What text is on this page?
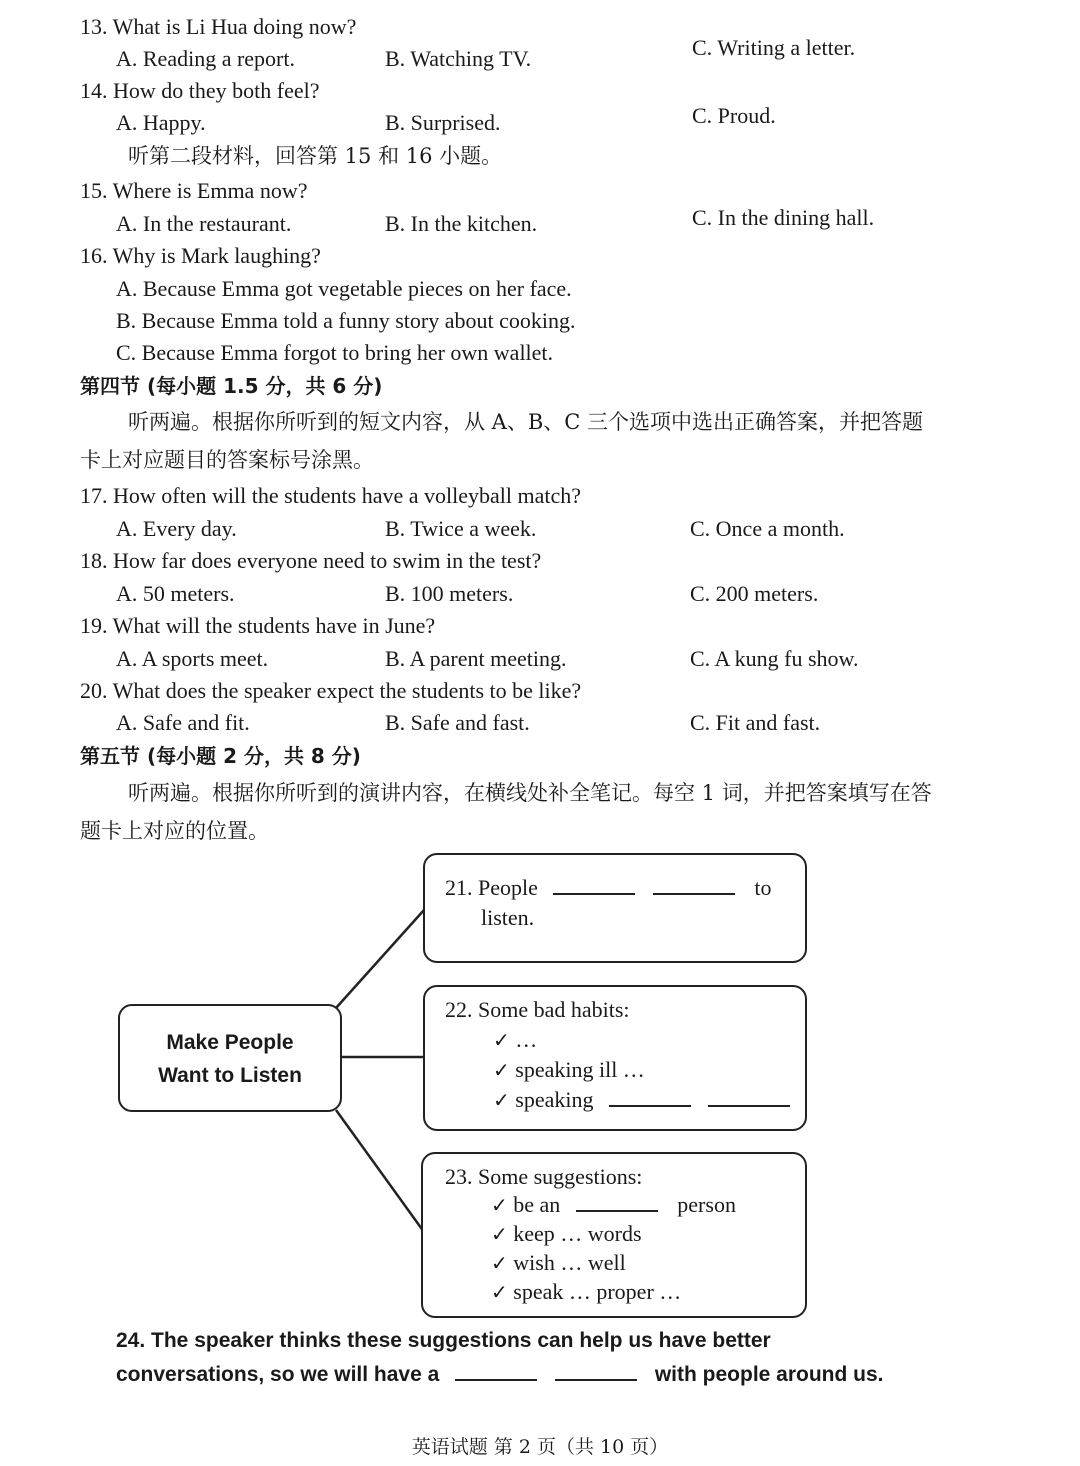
13. What is Li Hua doing now?
A. Reading a report.	B. Watching TV.	C. Writing a letter.
14. How do they both feel?
A. Happy.	B. Surprised.	C. Proud.
听第二段材料，回答第 15 和 16 小题。
15. Where is Emma now?
A. In the restaurant.	B. In the kitchen.	C. In the dining hall.
16. Why is Mark laughing?
A. Because Emma got vegetable pieces on her face.
B. Because Emma told a funny story about cooking.
C. Because Emma forgot to bring her own wallet.
第四节 (每小题 1.5 分，共 6 分)
听两遍。根据你所听到的短文内容，从 A、B、C 三个选项中选出正确答案，并把答题
卡上对应题目的答案标号涂黑。
17. How often will the students have a volleyball match?
A. Every day.	B. Twice a week.	C. Once a month.
18. How far does everyone need to swim in the test?
A. 50 meters.	B. 100 meters.	C. 200 meters.
19. What will the students have in June?
A. A sports meet.	B. A parent meeting.	C. A kung fu show.
20. What does the speaker expect the students to be like?
A. Safe and fit.	B. Safe and fast.	C. Fit and fast.
第五节 (每小题 2 分，共 8 分)
听两遍。根据你所听到的演讲内容，在横线处补全笔记。每空 1 词，并把答案填写在答
题卡上对应的位置。
Make People
Want to Listen
21. People	to
listen.
22. Some bad habits:
✓ …
✓ speaking ill …
✓ speaking
23. Some suggestions:
✓ be an	person
✓ keep … words
✓ wish … well
✓ speak … proper …
24. The speaker thinks these suggestions can help us have better
conversations, so we will have a	with people around us.
英语试题 第 2 页（共 10 页）
